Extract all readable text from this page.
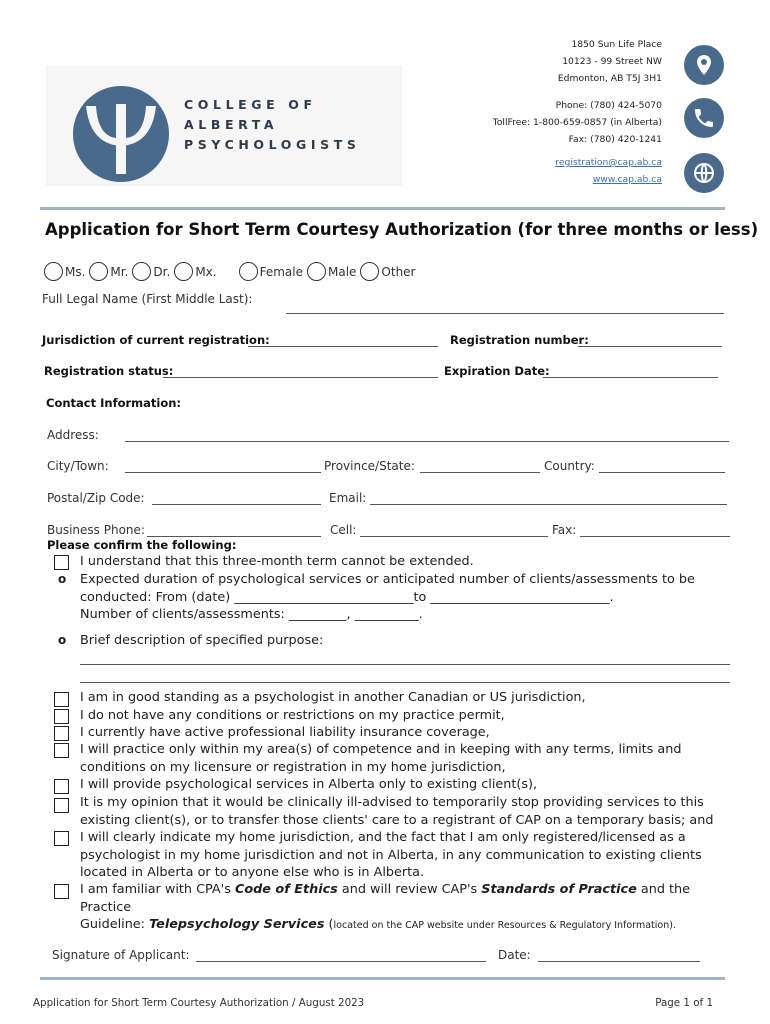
COLLEGE OF
ALBERTA
PSYCHOLOGISTS
1850 Sun Life Place
10123 - 99 Street NW
Edmonton, AB T5J 3H1
Phone: (780) 424-5070
TollFree: 1-800-659-0857 (in Alberta)
Fax: (780) 420-1241
registration@cap.ab.ca
www.cap.ab.ca
Application for Short Term Courtesy Authorization (for three months or less)
Ms. Mr. Dr. Mx.	Female Male Other
Full Legal Name (First Middle Last):
Jurisdiction of current registration:	Registration number:
Registration status:	Expiration Date:
Contact Information:
Address:
City/Town:	Province/State:	Country:
Postal/Zip Code:	Email:
Business Phone:	Cell:	Fax:
Please confirm the following:
I understand that this three-month term cannot be extended.
o Expected duration of psychological services or anticipated number of clients/assessments to be
conducted: From (date) ____________________________to ____________________________.
Number of clients/assessments: _________, __________.
o Brief description of specified purpose:
I am in good standing as a psychologist in another Canadian or US jurisdiction,
I do not have any conditions or restrictions on my practice permit,
I currently have active professional liability insurance coverage,
I will practice only within my area(s) of competence and in keeping with any terms, limits and
conditions on my licensure or registration in my home jurisdiction,
I will provide psychological services in Alberta only to existing client(s),
It is my opinion that it would be clinically ill-advised to temporarily stop providing services to this
existing client(s), or to transfer those clients' care to a registrant of CAP on a temporary basis; and
I will clearly indicate my home jurisdiction, and the fact that I am only registered/licensed as a
psychologist in my home jurisdiction and not in Alberta, in any communication to existing clients
located in Alberta or to anyone else who is in Alberta.
I am familiar with CPA's Code of Ethics and will review CAP's Standards of Practice and the Practice
Guideline: Telepsychology Services (located on the CAP website under Resources & Regulatory Information).
Signature of Applicant:	Date:
Application for Short Term Courtesy Authorization / August 2023	Page 1 of 1
